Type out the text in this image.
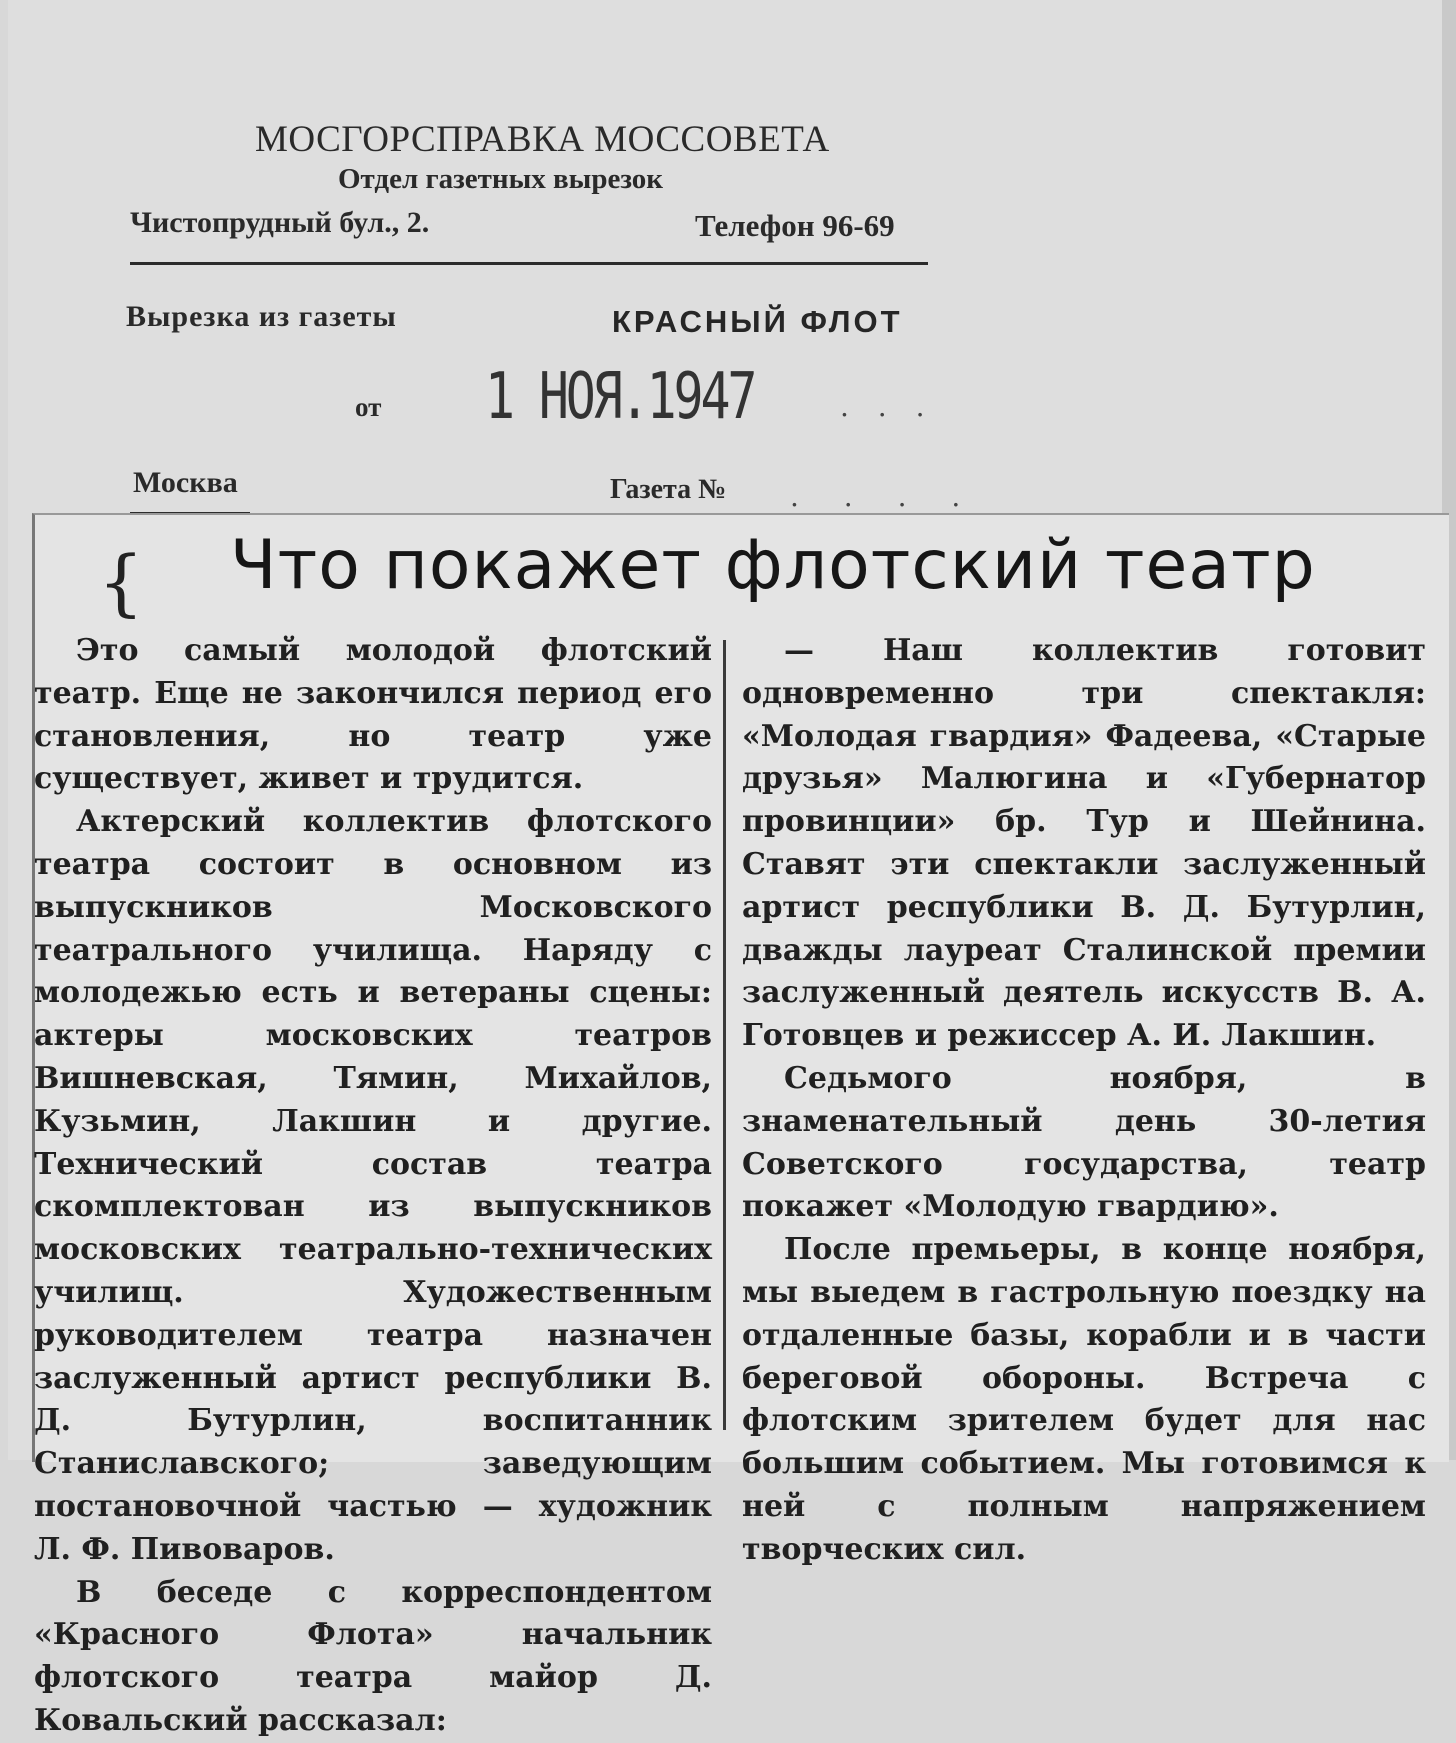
МОСГОРСПРАВКА МОССОВЕТА
Отдел газетных вырезок
Чистопрудный бул., 2.	Телефон 96-69
Вырезка из газеты	КРАСНЫЙ ФЛОТ
от 1 НОЯ.1947	. . .
Москва	Газета № . . . .
{ Что покажет флотский театр

Это самый молодой флотский театр. Еще не закончился период его становления, но театр уже существует, живет и трудится.

Актерский коллектив флотского театра состоит в основном из выпускников Московского театрального училища. Наряду с молодежью есть и ветераны сцены: актеры московских театров Вишневская, Тямин, Михайлов, Кузьмин, Лакшин и другие. Технический состав театра скомплектован из выпускников московских театрально-технических училищ. Художественным руководителем театра назначен заслуженный артист республики В. Д. Бутурлин, воспитанник Станиславского; заведующим постановочной частью — художник Л. Ф. Пивоваров.

В беседе с корреспондентом «Красного Флота» начальник флотского театра майор Д. Ковальский рассказал:

— Наш коллектив готовит одновременно три спектакля: «Молодая гвардия» Фадеева, «Старые друзья» Малюгина и «Губернатор провинции» бр. Тур и Шейнина. Ставят эти спектакли заслуженный артист республики В. Д. Бутурлин, дважды лауреат Сталинской премии заслуженный деятель искусств В. А. Готовцев и режиссер А. И. Лакшин.

Седьмого ноября, в знаменательный день 30-летия Советского государства, театр покажет «Молодую гвардию».

После премьеры, в конце ноября, мы выедем в гастрольную поездку на отдаленные базы, корабли и в части береговой обороны. Встреча с флотским зрителем будет для нас большим событием. Мы готовимся к ней с полным напряжением творческих сил.
